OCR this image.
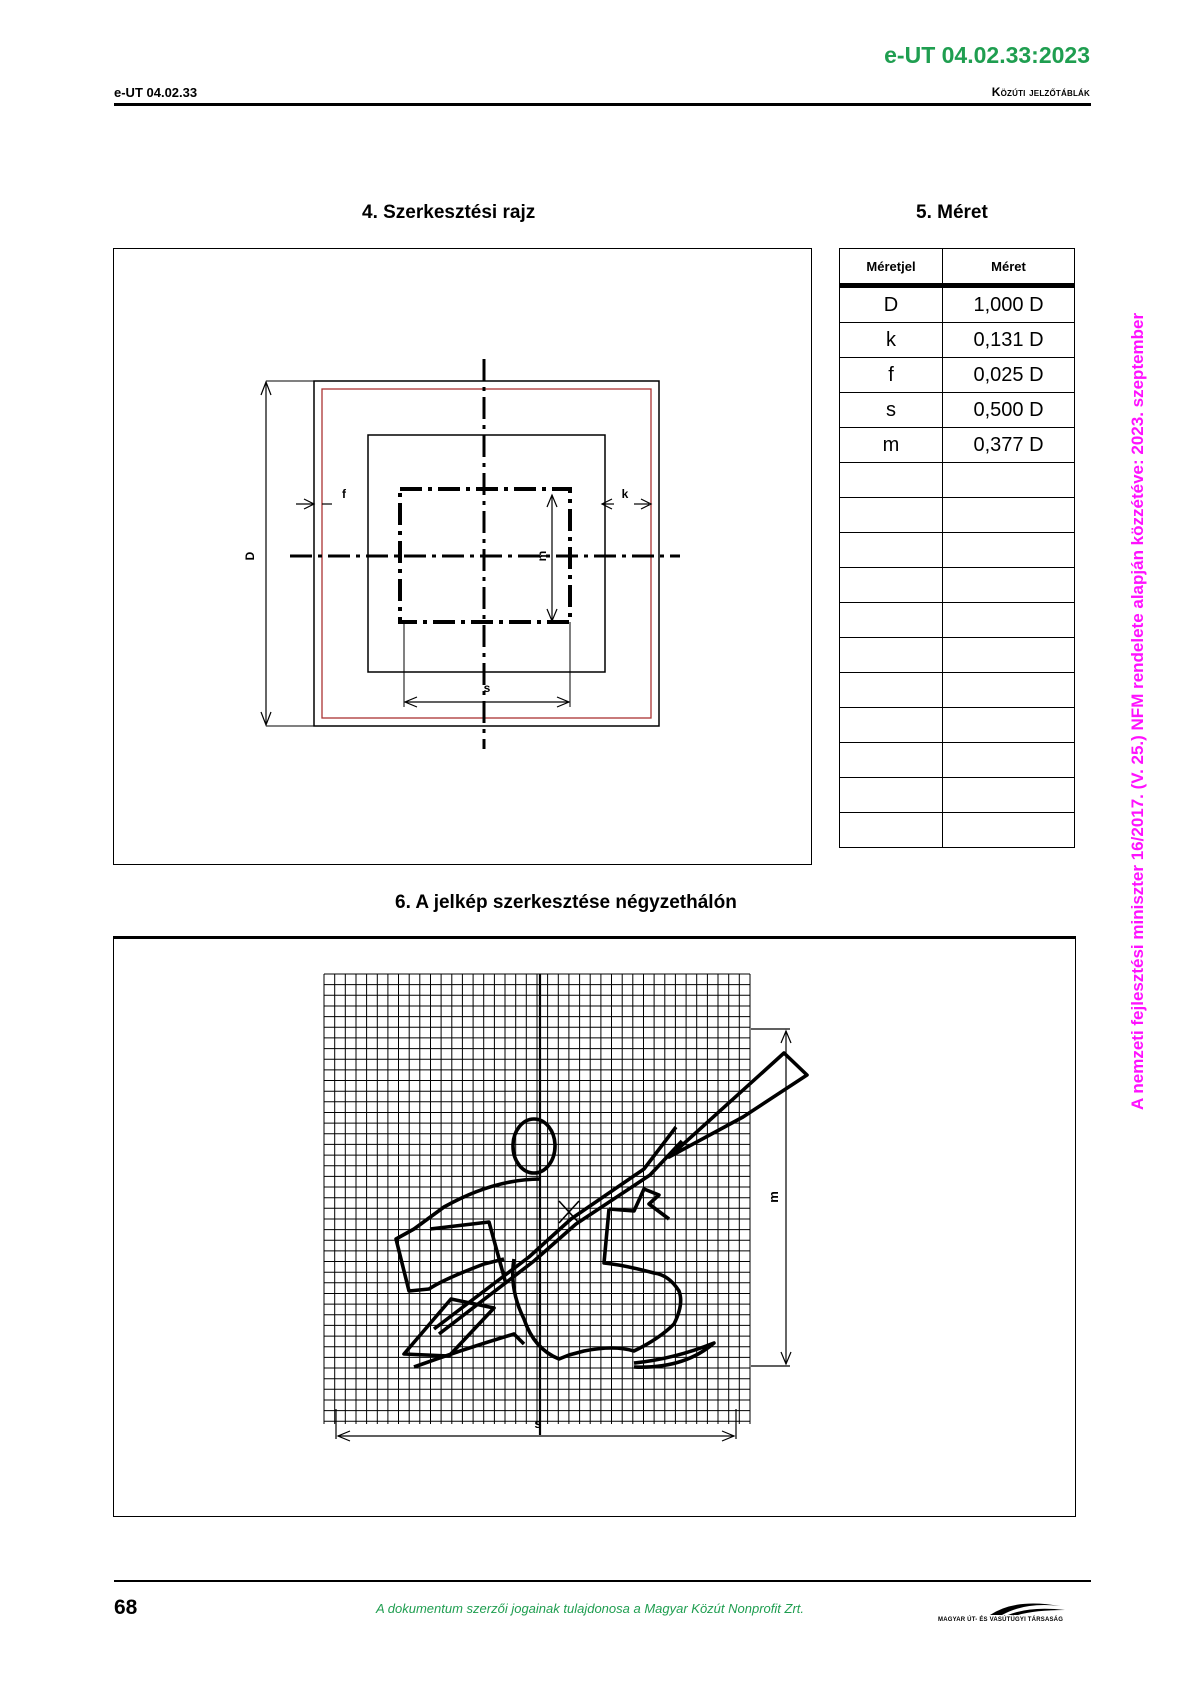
e-UT 04.02.33:2023
e-UT 04.02.33	Közúti jelzőtáblák
A nemzeti fejlesztési miniszter 16/2017. (V. 25.) NFM rendelete alapján közzétéve: 2023. szeptember
4. Szerkesztési rajz	5. Méret
D
f	k
m
s
Méretjel	Méret
D	1,000 D
k	0,131 D
f	0,025 D
s	0,500 D
m	0,377 D

6. A jelkép szerkesztése négyzethálón
m
s
68	A dokumentum szerzői jogainak tulajdonosa a Magyar Közút Nonprofit Zrt.
MAGYAR ÚT- ÉS VASÚTÜGYI TÁRSASÁG
